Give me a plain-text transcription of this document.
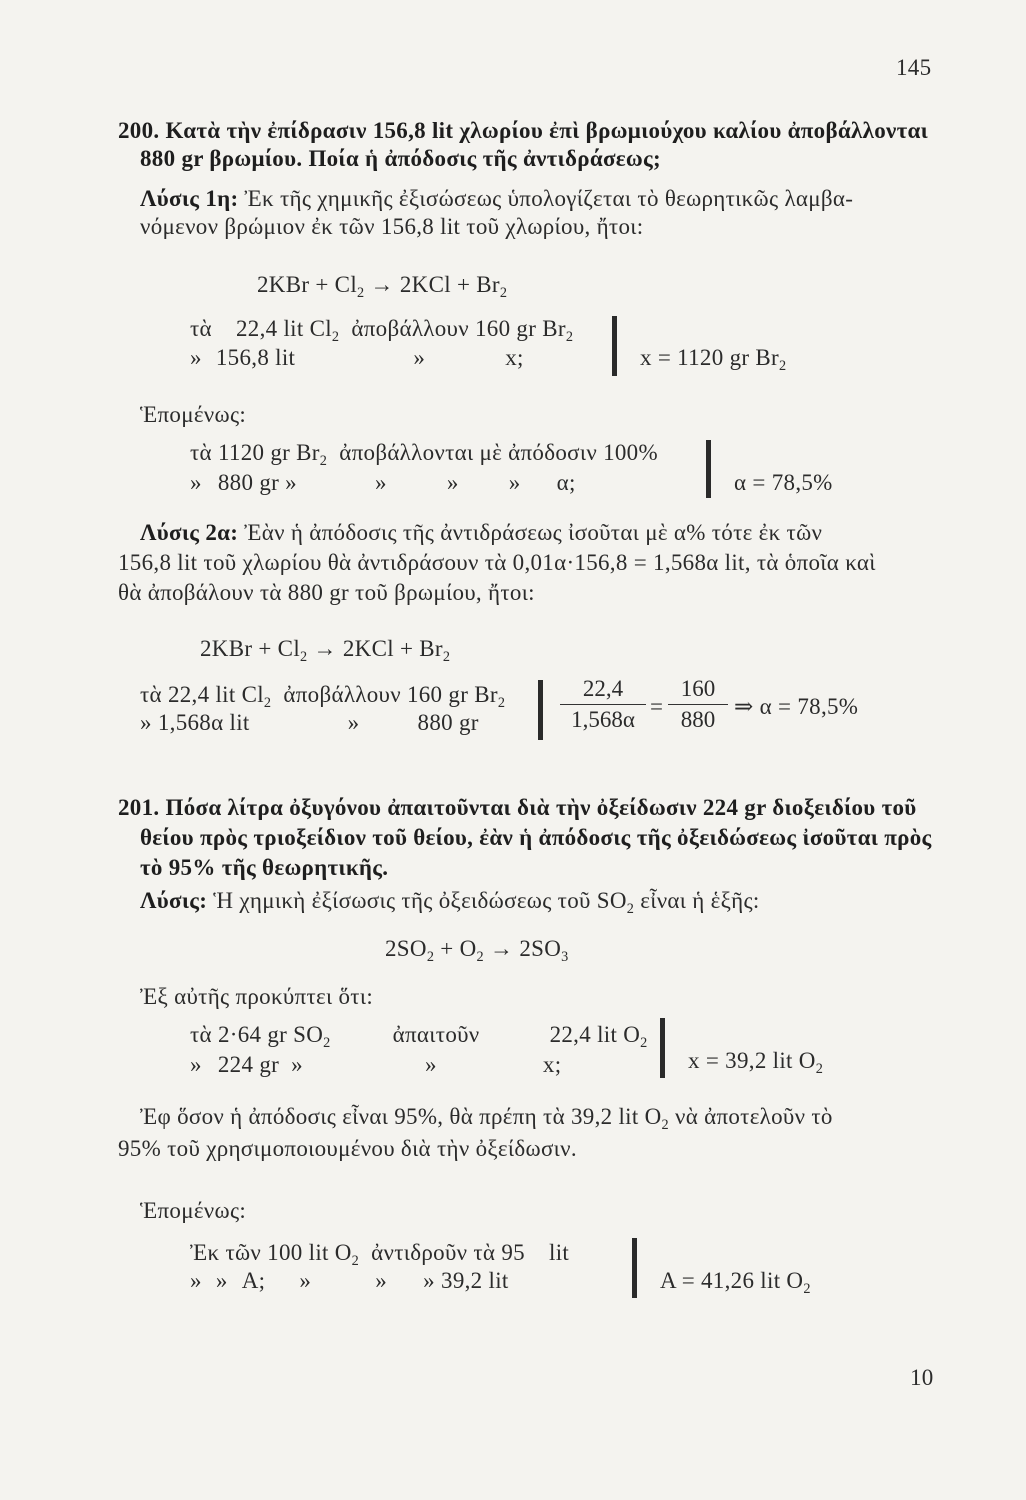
145
200. Κατὰ τὴν ἐπίδρασιν 156,8 lit χλωρίου ἐπὶ βρωμιούχου καλίου ἀποβάλλονται
880 gr βρωμίου. Ποία ἡ ἀπόδοσις τῆς ἀντιδράσεως;
Λύσις 1η: Ἐκ τῆς χημικῆς ἐξισώσεως ὑπολογίζεται τὸ θεωρητικῶς λαμβα-
νόμενον βρώμιον ἐκ τῶν 156,8 lit τοῦ χλωρίου, ἤτοι:
$2KBr + Cl_2 \to 2KCl + Br_2$
τὰ 22,4 lit $Cl_2$ ἀποβάλλουν 160 gr $Br_2$
» 156,8 lit	»	x;	x = 1120 gr $Br_2$
Ἑπομένως:
τὰ 1120 gr $Br_2$ ἀποβάλλονται μὲ ἀπόδοσιν 100%
» 880 gr »	»	» » α;	α = 78,5%
Λύσις 2α: Ἐὰν ἡ ἀπόδοσις τῆς ἀντιδράσεως ἰσοῦται μὲ α% τότε ἐκ τῶν
156,8 lit τοῦ χλωρίου θὰ ἀντιδράσουν τὰ 0,01α·156,8 = 1,568α lit, τὰ ὁποῖα καὶ
θὰ ἀποβάλουν τὰ 880 gr τοῦ βρωμίου, ἤτοι:
$2KBr + Cl_2 \to 2KCl + Br_2$
τὰ 22,4 lit $Cl_2$ ἀποβάλλουν 160 gr $Br_2$
» 1,568α lit	»	880 gr	$\frac{22,4}{1,568\alpha} = \frac{160}{880}$ ⇒ α = 78,5%
201. Πόσα λίτρα ὀξυγόνου ἀπαιτοῦνται διὰ τὴν ὀξείδωσιν 224 gr διοξειδίου τοῦ
θείου πρὸς τριοξείδιον τοῦ θείου, ἐὰν ἡ ἀπόδοσις τῆς ὀξειδώσεως ἰσοῦται πρὸς
τὸ 95% τῆς θεωρητικῆς.
Λύσις: Ἡ χημικὴ ἐξίσωσις τῆς ὀξειδώσεως τοῦ $SO_2$ εἶναι ἡ ἑξῆς:
$2SO_2 + O_2 \to 2SO_3$
Ἐξ αὐτῆς προκύπτει ὅτι:
τὰ 2·64 gr $SO_2$	ἀπαιτοῦν	22,4 lit $O_2$
» 224 gr »	»	x;	x = 39,2 lit $O_2$
Ἐφ ὅσον ἡ ἀπόδοσις εἶναι 95%, θὰ πρέπη τὰ 39,2 lit $O_2$ νὰ ἀποτελοῦν τὸ
95% τοῦ χρησιμοποιουμένου διὰ τὴν ὀξείδωσιν.
Ἑπομένως:
Ἐκ τῶν 100 lit $O_2$ ἀντιδροῦν τὰ 95 lit
» » A; »	» » 39,2 lit	A = 41,26 lit $O_2$
10
